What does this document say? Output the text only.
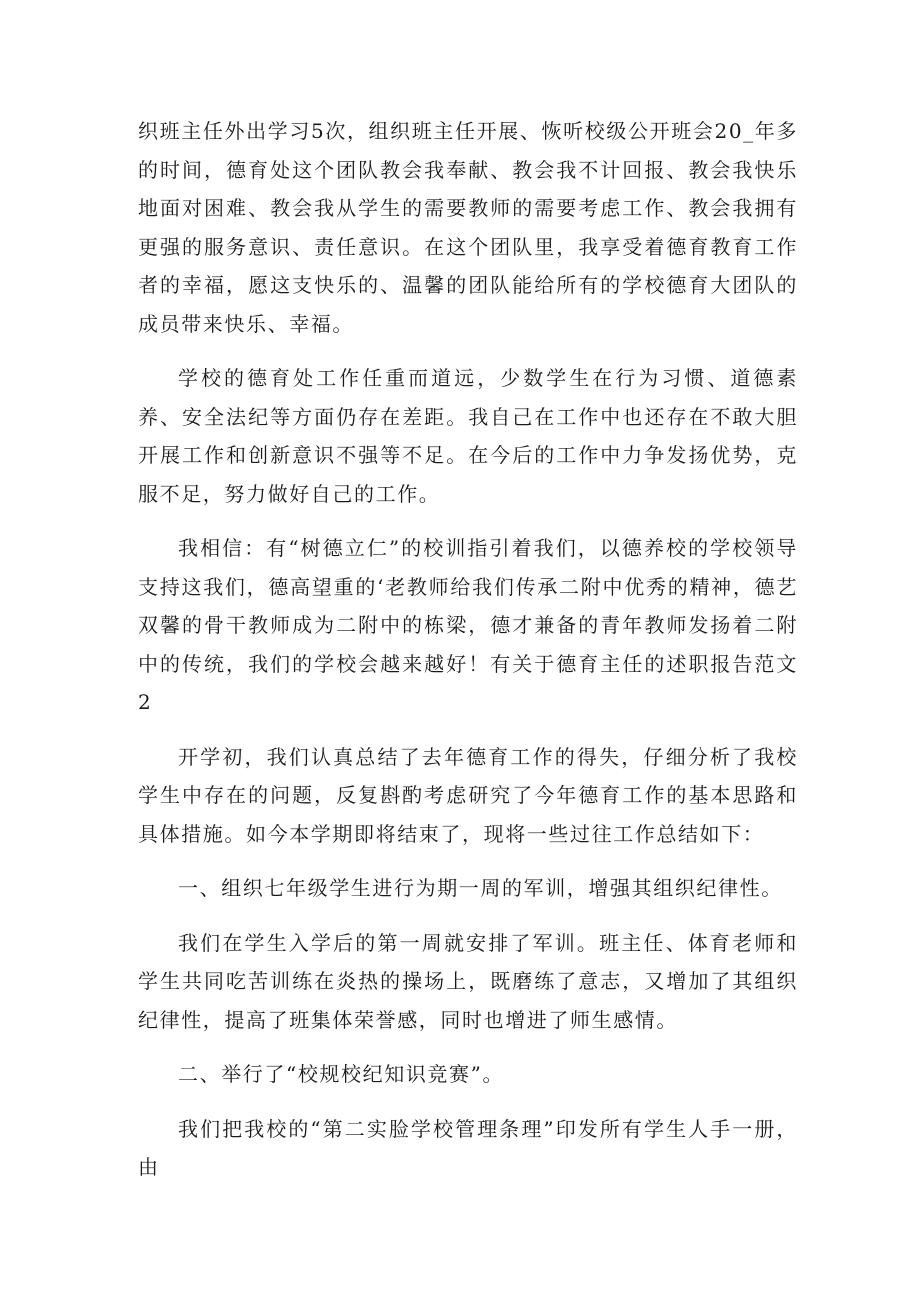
织班主任外出学习5次，组织班主任开展、恢听校级公开班会20_年多的时间，德育处这个团队教会我奉献、教会我不计回报、教会我快乐地面对困难、教会我从学生的需要教师的需要考虑工作、教会我拥有更强的服务意识、责任意识。在这个团队里，我享受着德育教育工作者的幸福，愿这支快乐的、温馨的团队能给所有的学校德育大团队的成员带来快乐、幸福。

学校的德育处工作任重而道远，少数学生在行为习惯、道德素养、安全法纪等方面仍存在差距。我自己在工作中也还存在不敢大胆开展工作和创新意识不强等不足。在今后的工作中力争发扬优势，克服不足，努力做好自己的工作。

我相信：有“树德立仁”的校训指引着我们，以德养校的学校领导支持这我们，德高望重的‘老教师给我们传承二附中优秀的精神，德艺双馨的骨干教师成为二附中的栋梁，德才兼备的青年教师发扬着二附中的传统，我们的学校会越来越好！有关于德育主任的述职报告范文2

开学初，我们认真总结了去年德育工作的得失，仔细分析了我校学生中存在的问题，反复斟酌考虑研究了今年德育工作的基本思路和具体措施。如今本学期即将结束了，现将一些过往工作总结如下：

一、组织七年级学生进行为期一周的军训，增强其组织纪律性。

我们在学生入学后的第一周就安排了军训。班主任、体育老师和学生共同吃苦训练在炎热的操场上，既磨练了意志，又增加了其组织纪律性，提高了班集体荣誉感，同时也增进了师生感情。

二、举行了“校规校纪知识竞赛”。

我们把我校的“第二实脸学校管理条理”印发所有学生人手一册，由
